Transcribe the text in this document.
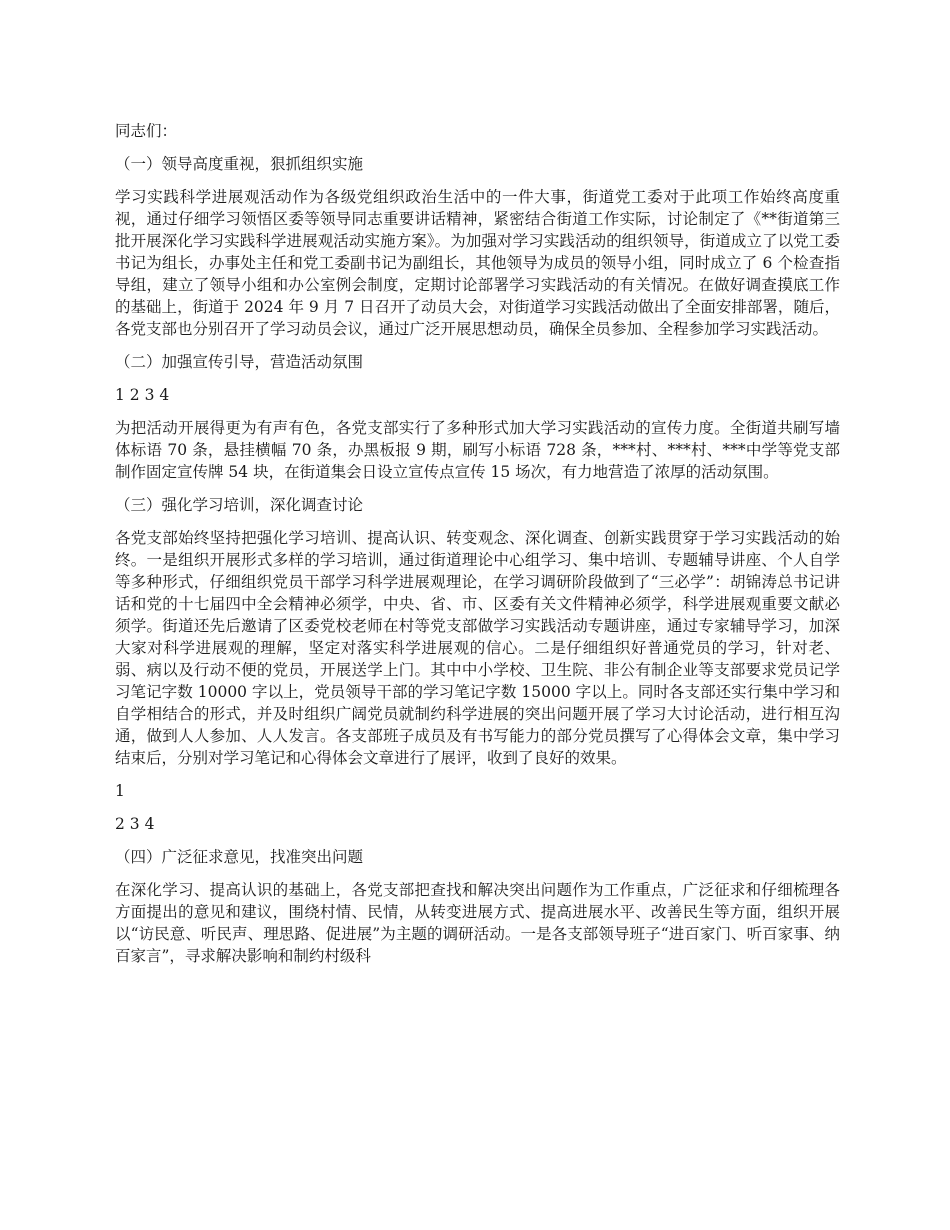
同志们：

（一）领导高度重视，狠抓组织实施

学习实践科学进展观活动作为各级党组织政治生活中的一件大事，街道党工委对于此项工作始终高度重视，通过仔细学习领悟区委等领导同志重要讲话精神，紧密结合街道工作实际，讨论制定了《**街道第三批开展深化学习实践科学进展观活动实施方案》。为加强对学习实践活动的组织领导，街道成立了以党工委书记为组长，办事处主任和党工委副书记为副组长，其他领导为成员的领导小组，同时成立了 6 个检查指导组，建立了领导小组和办公室例会制度，定期讨论部署学习实践活动的有关情况。在做好调查摸底工作的基础上，街道于 2024 年 9 月 7 日召开了动员大会，对街道学习实践活动做出了全面安排部署，随后，各党支部也分别召开了学习动员会议，通过广泛开展思想动员，确保全员参加、全程参加学习实践活动。

（二）加强宣传引导，营造活动氛围

1 2 3 4

为把活动开展得更为有声有色，各党支部实行了多种形式加大学习实践活动的宣传力度。全街道共刷写墙体标语 70 条，悬挂横幅 70 条，办黑板报 9 期，刷写小标语 728 条，***村、***村、***中学等党支部制作固定宣传牌 54 块，在街道集会日设立宣传点宣传 15 场次，有力地营造了浓厚的活动氛围。

（三）强化学习培训，深化调查讨论

各党支部始终坚持把强化学习培训、提高认识、转变观念、深化调查、创新实践贯穿于学习实践活动的始终。一是组织开展形式多样的学习培训，通过街道理论中心组学习、集中培训、专题辅导讲座、个人自学等多种形式，仔细组织党员干部学习科学进展观理论，在学习调研阶段做到了“三必学”：胡锦涛总书记讲话和党的十七届四中全会精神必须学，中央、省、市、区委有关文件精神必须学，科学进展观重要文献必须学。街道还先后邀请了区委党校老师在村等党支部做学习实践活动专题讲座，通过专家辅导学习，加深大家对科学进展观的理解，坚定对落实科学进展观的信心。二是仔细组织好普通党员的学习，针对老、弱、病以及行动不便的党员，开展送学上门。其中中小学校、卫生院、非公有制企业等支部要求党员记学习笔记字数 10000 字以上，党员领导干部的学习笔记字数 15000 字以上。同时各支部还实行集中学习和自学相结合的形式，并及时组织广阔党员就制约科学进展的突出问题开展了学习大讨论活动，进行相互沟通，做到人人参加、人人发言。各支部班子成员及有书写能力的部分党员撰写了心得体会文章，集中学习结束后，分别对学习笔记和心得体会文章进行了展评，收到了良好的效果。

1

2 3 4

（四）广泛征求意见，找准突出问题

在深化学习、提高认识的基础上，各党支部把查找和解决突出问题作为工作重点，广泛征求和仔细梳理各方面提出的意见和建议，围绕村情、民情，从转变进展方式、提高进展水平、改善民生等方面，组织开展以“访民意、听民声、理思路、促进展”为主题的调研活动。一是各支部领导班子“进百家门、听百家事、纳百家言”，寻求解决影响和制约村级科
